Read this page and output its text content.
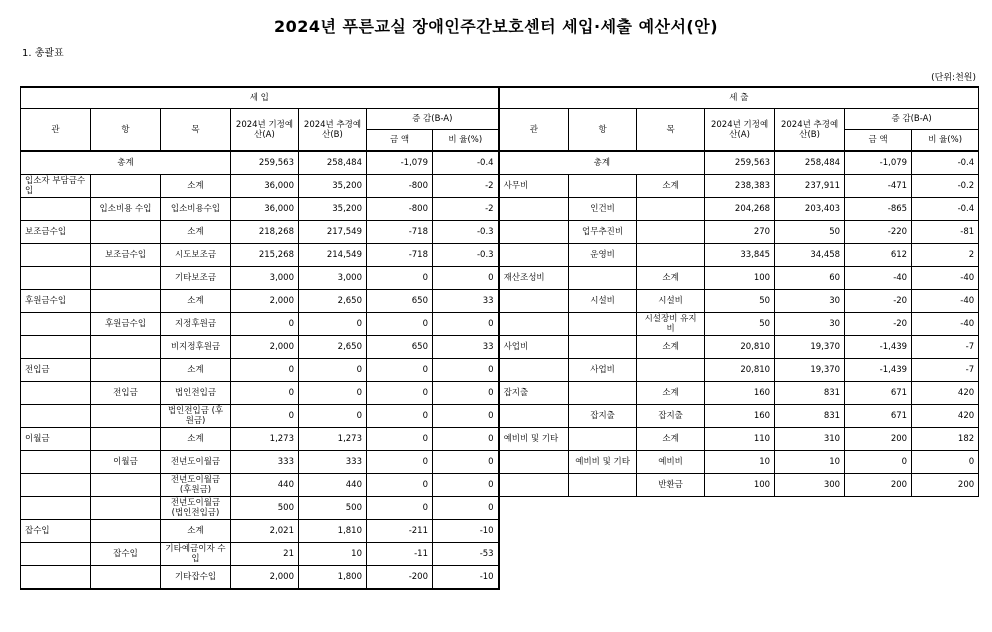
2024년 푸른교실 장애인주간보호센터 세입·세출 예산서(안)
1. 총괄표
(단위:천원)
세 입							세 출						
관	항	목	2024년 기정예산(A)	2024년 추경예산(B)	증 감(B-A)		관	항	목	2024년 기정예산(A)	2024년 추경예산(B)	증 감(B-A)	
					금 액	비 율(%)						금 액	비 율(%)
총계			259,563	258,484	-1,079	-0.4	총계			259,563	258,484	-1,079	-0.4
입소자 부담금수입		소계	36,000	35,200	-800	-2	사무비		소계	238,383	237,911	-471	-0.2
	입소비용 수입	입소비용수입	36,000	35,200	-800	-2		인건비		204,268	203,403	-865	-0.4
보조금수입		소계	218,268	217,549	-718	-0.3		업무추진비		270	50	-220	-81
	보조금수입	시도보조금	215,268	214,549	-718	-0.3		운영비		33,845	34,458	612	2
		기타보조금	3,000	3,000	0	0	재산조성비		소계	100	60	-40	-40
후원금수입		소계	2,000	2,650	650	33		시설비	시설비	50	30	-20	-40
	후원금수입	지정후원금	0	0	0	0			시설장비 유지비	50	30	-20	-40
		비지정후원금	2,000	2,650	650	33	사업비		소계	20,810	19,370	-1,439	-7
전입금		소계	0	0	0	0		사업비		20,810	19,370	-1,439	-7
	전입금	법인전입금	0	0	0	0	잡지출		소계	160	831	671	420
		법인전입금 (후원금)	0	0	0	0		잡지출	잡지출	160	831	671	420
이월금		소계	1,273	1,273	0	0	예비비 및 기타		소계	110	310	200	182
	이월금	전년도이월금	333	333	0	0		예비비 및 기타	예비비	10	10	0	0
		전년도이월금 (후원금)	440	440	0	0			반환금	100	300	200	200
		전년도이월금 (법인전입금)	500	500	0	0							
잡수입		소계	2,021	1,810	-211	-10							
	잡수입	기타예금이자 수입	21	10	-11	-53							
		기타잡수입	2,000	1,800	-200	-10							
